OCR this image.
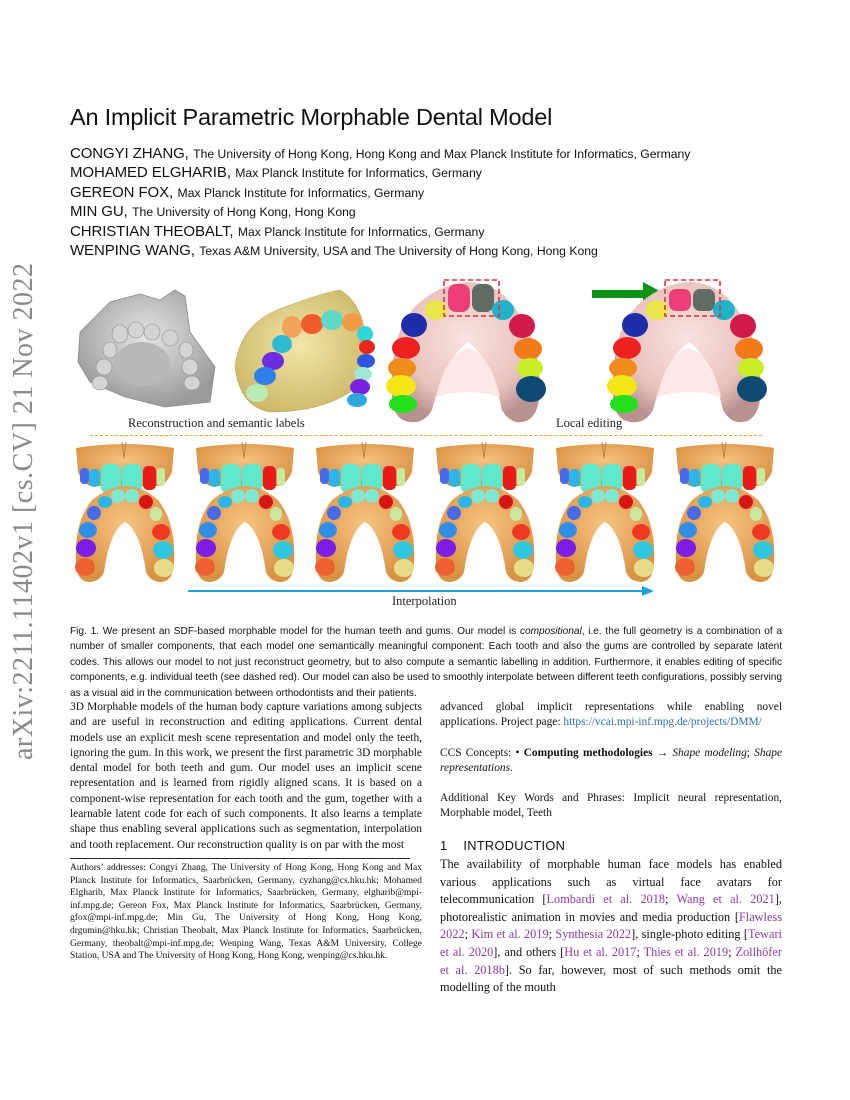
arXiv:2211.11402v1 [cs.CV] 21 Nov 2022
An Implicit Parametric Morphable Dental Model
CONGYI ZHANG, The University of Hong Kong, Hong Kong and Max Planck Institute for Informatics, Germany
MOHAMED ELGHARIB, Max Planck Institute for Informatics, Germany
GEREON FOX, Max Planck Institute for Informatics, Germany
MIN GU, The University of Hong Kong, Hong Kong
CHRISTIAN THEOBALT, Max Planck Institute for Informatics, Germany
WENPING WANG, Texas A&M University, USA and The University of Hong Kong, Hong Kong
Reconstruction and semantic labels	Local editing
Interpolation
Fig. 1. We present an SDF-based morphable model for the human teeth and gums. Our model is compositional, i.e. the full geometry is a combination of a number of smaller components, that each model one semantically meaningful component: Each tooth and also the gums are controlled by separate latent codes. This allows our model to not just reconstruct geometry, but to also compute a semantic labelling in addition. Furthermore, it enables editing of specific components, e.g. individual teeth (see dashed red). Our model can also be used to smoothly interpolate between different teeth configurations, possibly serving as a visual aid in the communication between orthodontists and their patients.
3D Morphable models of the human body capture variations among subjects and are useful in reconstruction and editing applications. Current dental models use an explicit mesh scene representation and model only the teeth, ignoring the gum. In this work, we present the first parametric 3D morphable dental model for both teeth and gum. Our model uses an implicit scene representation and is learned from rigidly aligned scans. It is based on a component-wise representation for each tooth and the gum, together with a learnable latent code for each of such components. It also learns a template shape thus enabling several applications such as segmentation, interpolation and tooth replacement. Our reconstruction quality is on par with the most

advanced global implicit representations while enabling novel applications. Project page: https://vcai.mpi-inf.mpg.de/projects/DMM/

CCS Concepts: • Computing methodologies → Shape modeling; Shape representations.

Additional Key Words and Phrases: Implicit neural representation, Morphable model, Teeth

Authors’ addresses: Congyi Zhang, The University of Hong Kong, Hong Kong and Max Planck Institute for Informatics, Saarbrücken, Germany, cyzhang@cs.hku.hk; Mohamed Elgharib, Max Planck Institute for Informatics, Saarbrücken, Germany, elgharib@mpi-inf.mpg.de; Gereon Fox, Max Planck Institute for Informatics, Saarbrücken, Germany, gfox@mpi-inf.mpg.de; Min Gu, The University of Hong Kong, Hong Kong, drgumin@hku.hk; Christian Theobalt, Max Planck Institute for Informatics, Saarbrücken, Germany, theobalt@mpi-inf.mpg.de; Wenping Wang, Texas A&M University, College Station, USA and The University of Hong Kong, Hong Kong, wenping@cs.hku.hk.
1 INTRODUCTION
The availability of morphable human face models has enabled various applications such as virtual face avatars for telecommunication [Lombardi et al. 2018; Wang et al. 2021], photorealistic animation in movies and media production [Flawless 2022; Kim et al. 2019; Synthesia 2022], single-photo editing [Tewari et al. 2020], and others [Hu et al. 2017; Thies et al. 2019; Zollhöfer et al. 2018b]. So far, however, most of such methods omit the modelling of the mouth
